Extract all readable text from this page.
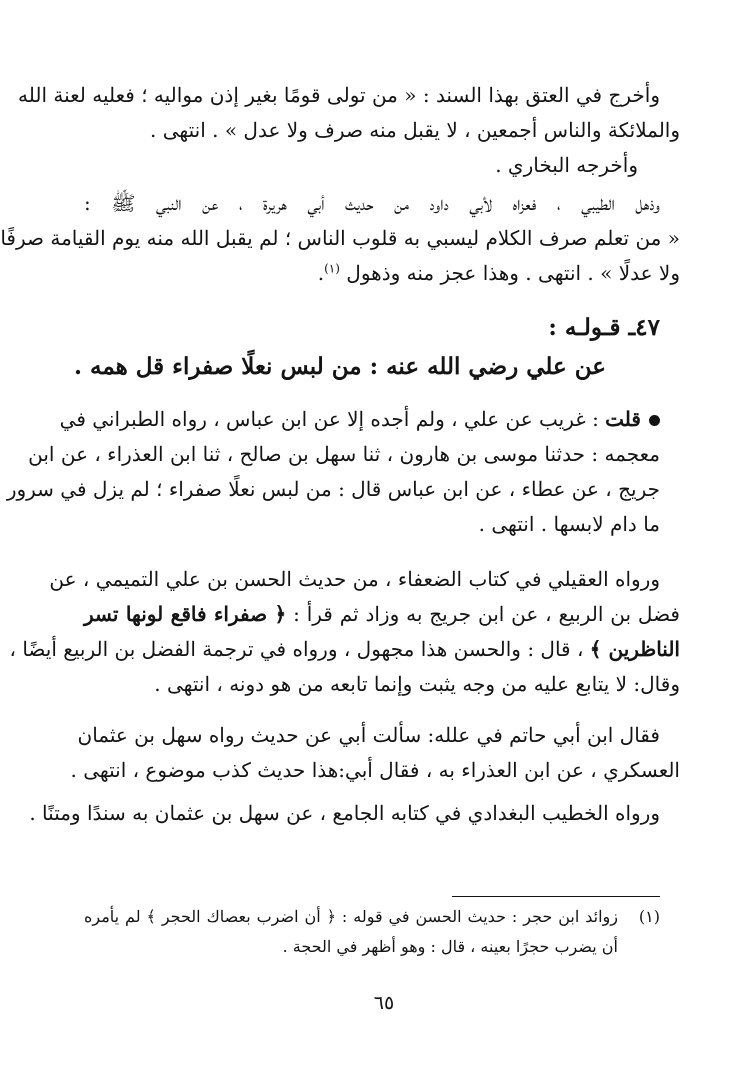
وأخرج في العتق بهذا السند : « من تولى قومًا بغير إذن مواليه ؛ فعليه لعنة الله
والملائكة والناس أجمعين ، لا يقبل منه صرف ولا عدل » . انتهى .
وأخرجه البخاري .
وذهل الطيبي ، فعزاه لأبي داود من حديث أبي هريرة ، عن النبي ﷺ :
« من تعلم صرف الكلام ليسبي به قلوب الناس ؛ لم يقبل الله منه يوم القيامة صرفًا
ولا عدلًا » . انتهى . وهذا عجز منه وذهول $^{(١)}$.
٤٧ـ قـولـه :
عن علي رضي الله عنه : من لبس نعلًا صفراء قل همه .
قلت : غريب عن علي ، ولم أجده إلا عن ابن عباس ، رواه الطبراني في
معجمه : حدثنا موسى بن هارون ، ثنا سهل بن صالح ، ثنا ابن العذراء ، عن ابن
جريج ، عن عطاء ، عن ابن عباس قال : من لبس نعلًا صفراء ؛ لم يزل في سرور
ما دام لابسها . انتهى .
ورواه العقيلي في كتاب الضعفاء ، من حديث الحسن بن علي التميمي ، عن
فضل بن الربيع ، عن ابن جريج به وزاد ثم قرأ : ﴿ صفراء فاقع لونها تسر
الناظرين ﴾ ، قال : والحسن هذا مجهول ، ورواه في ترجمة الفضل بن الربيع أيضًا ،
وقال: لا يتابع عليه من وجه يثبت وإنما تابعه من هو دونه ، انتهى .
فقال ابن أبي حاتم في علله: سألت أبي عن حديث رواه سهل بن عثمان
العسكري ، عن ابن العذراء به ، فقال أبي:هذا حديث كذب موضوع ، انتهى .
ورواه الخطيب البغدادي في كتابه الجامع ، عن سهل بن عثمان به سندًا ومتنًا .
(١)
زوائد ابن حجر : حديث الحسن في قوله : ﴿ أن اضرب بعصاك الحجر ﴾ لم يأمره
أن يضرب حجرًا بعينه ، قال : وهو أظهر في الحجة .
٦٥
